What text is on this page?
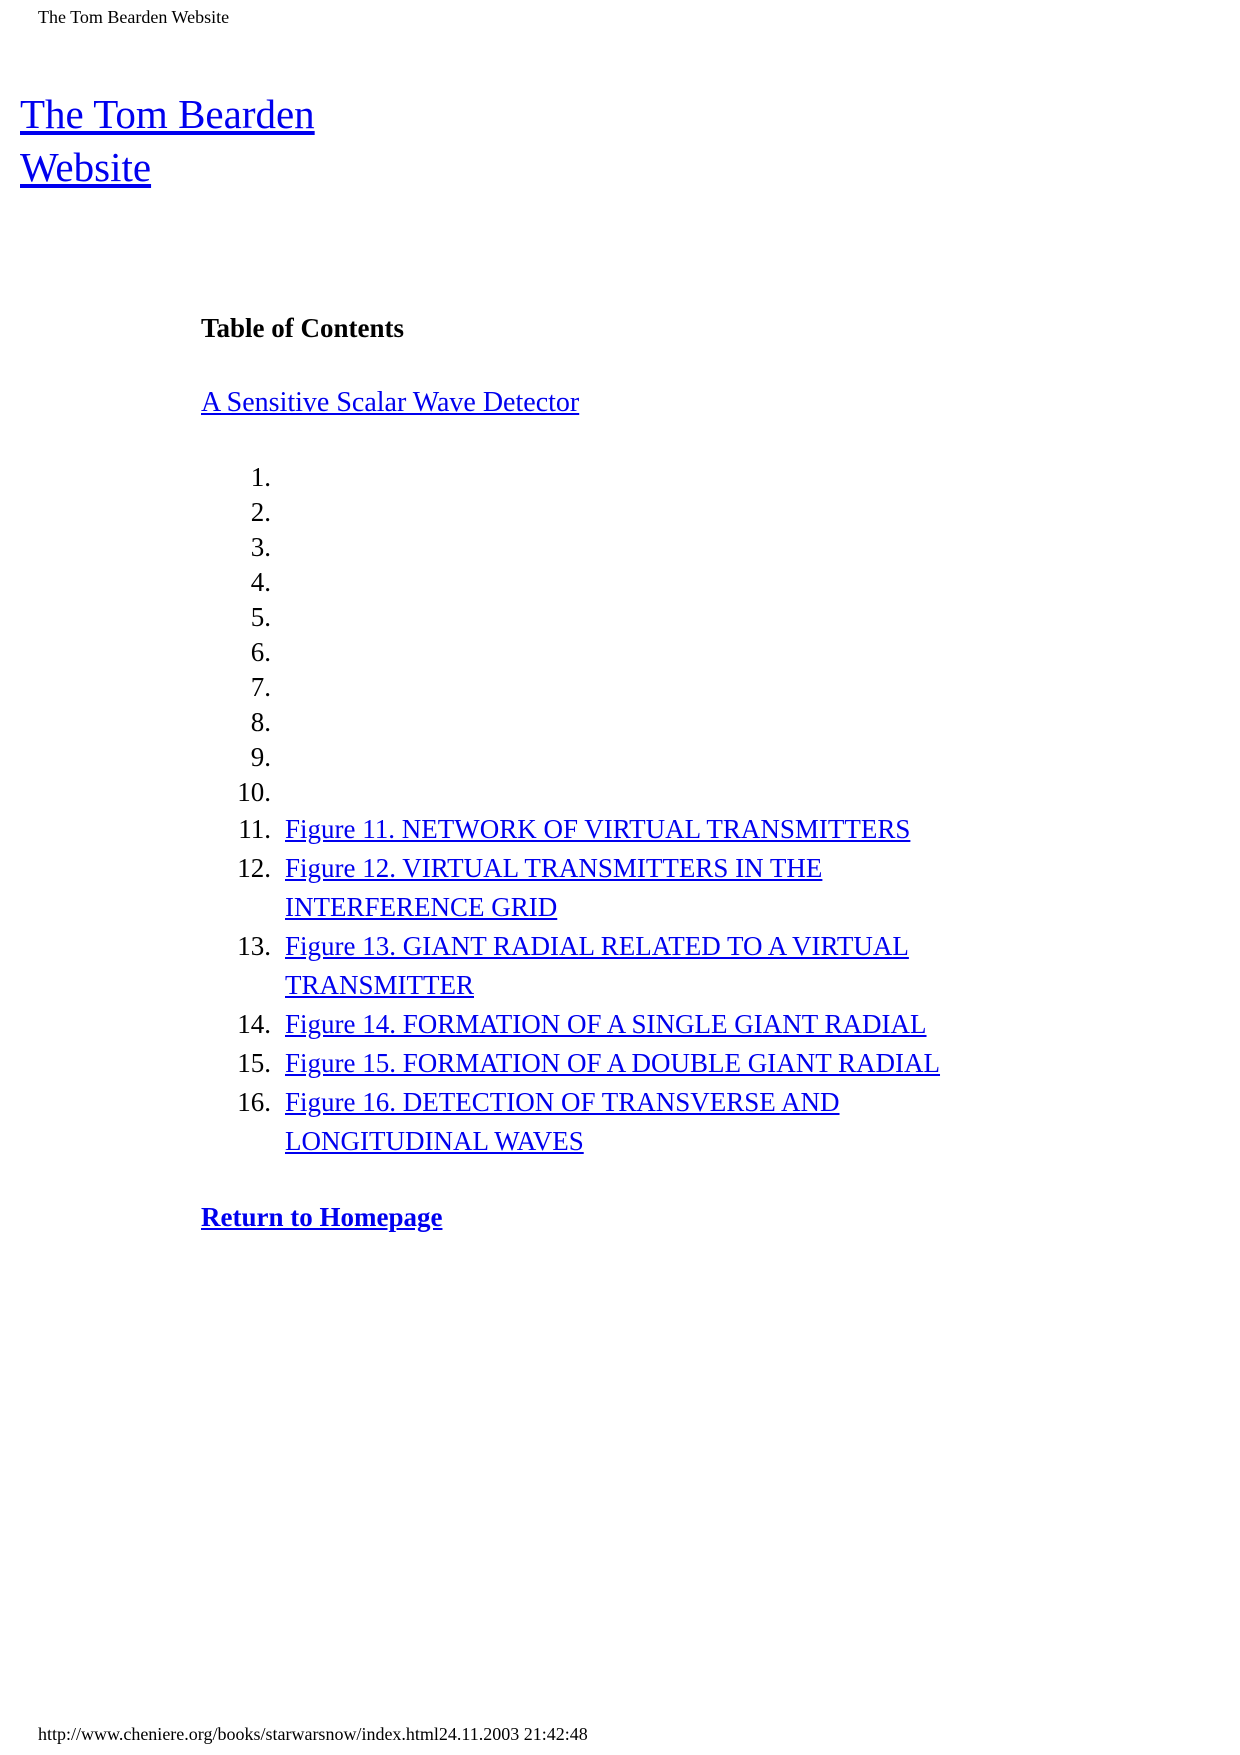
The Tom Bearden Website
The Tom Bearden Website
Table of Contents
A Sensitive Scalar Wave Detector
1.
2.
3.
4.
5.
6.
7.
8.
9.
10.
11. Figure 11. NETWORK OF VIRTUAL TRANSMITTERS
12. Figure 12. VIRTUAL TRANSMITTERS IN THE INTERFERENCE GRID
13. Figure 13. GIANT RADIAL RELATED TO A VIRTUAL TRANSMITTER
14. Figure 14. FORMATION OF A SINGLE GIANT RADIAL
15. Figure 15. FORMATION OF A DOUBLE GIANT RADIAL
16. Figure 16. DETECTION OF TRANSVERSE AND LONGITUDINAL WAVES
Return to Homepage
http://www.cheniere.org/books/starwarsnow/index.html24.11.2003 21:42:48
